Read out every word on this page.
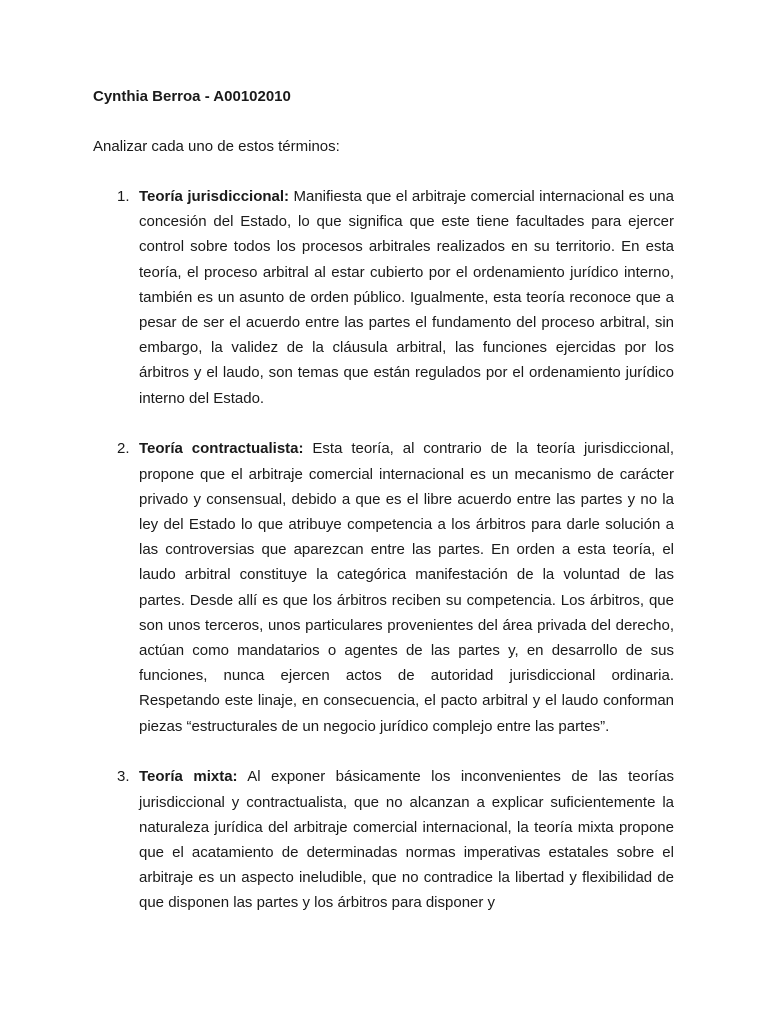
Cynthia Berroa - A00102010
Analizar cada uno de estos términos:
1. Teoría jurisdiccional: Manifiesta que el arbitraje comercial internacional es una concesión del Estado, lo que significa que este tiene facultades para ejercer control sobre todos los procesos arbitrales realizados en su territorio. En esta teoría, el proceso arbitral al estar cubierto por el ordenamiento jurídico interno, también es un asunto de orden público. Igualmente, esta teoría reconoce que a pesar de ser el acuerdo entre las partes el fundamento del proceso arbitral, sin embargo, la validez de la cláusula arbitral, las funciones ejercidas por los árbitros y el laudo, son temas que están regulados por el ordenamiento jurídico interno del Estado.
2. Teoría contractualista: Esta teoría, al contrario de la teoría jurisdiccional, propone que el arbitraje comercial internacional es un mecanismo de carácter privado y consensual, debido a que es el libre acuerdo entre las partes y no la ley del Estado lo que atribuye competencia a los árbitros para darle solución a las controversias que aparezcan entre las partes. En orden a esta teoría, el laudo arbitral constituye la categórica manifestación de la voluntad de las partes. Desde allí es que los árbitros reciben su competencia. Los árbitros, que son unos terceros, unos particulares provenientes del área privada del derecho, actúan como mandatarios o agentes de las partes y, en desarrollo de sus funciones, nunca ejercen actos de autoridad jurisdiccional ordinaria. Respetando este linaje, en consecuencia, el pacto arbitral y el laudo conforman piezas “estructurales de un negocio jurídico complejo entre las partes”.
3. Teoría mixta: Al exponer básicamente los inconvenientes de las teorías jurisdiccional y contractualista, que no alcanzan a explicar suficientemente la naturaleza jurídica del arbitraje comercial internacional, la teoría mixta propone que el acatamiento de determinadas normas imperativas estatales sobre el arbitraje es un aspecto ineludible, que no contradice la libertad y flexibilidad de que disponen las partes y los árbitros para disponer y
